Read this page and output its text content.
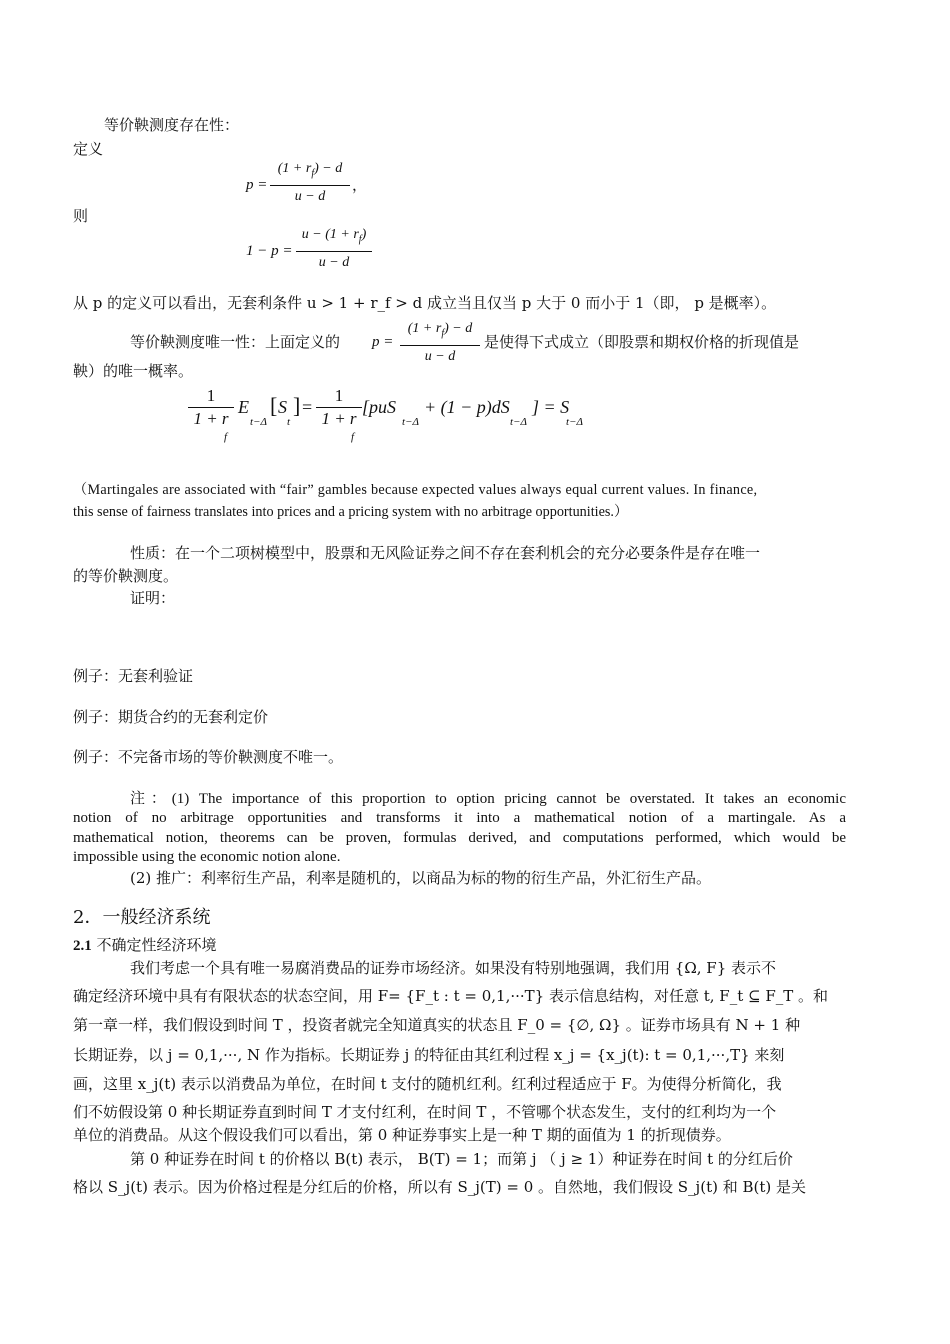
等价鞅测度存在性：
定义
p =
$(1 + r_f) - d$
u − d
，
则
1 − p =
$u - (1 + r_f)$
u − d
从 p 的定义可以看出，无套利条件 u > 1 + r_f > d 成立当且仅当 p 大于 0 而小于 1（即， p 是概率）。
等价鞅测度唯一性：上面定义的 p =
$(1 + r_f) - d$
u − d
是使得下式成立（即股票和期权价格的折现值是
鞅）的唯一概率。
1
1 + r
f
E
t−Δ
[ S
t
] =
1
1 + r
f
[puS
t−Δ
+ (1 − p)dS
t−Δ
] = S
t−Δ
（Martingales are associated with “fair” gambles because expected values always equal current values. In finance,
this sense of fairness translates into prices and a pricing system with no arbitrage opportunities.）
性质：在一个二项树模型中，股票和无风险证券之间不存在套利机会的充分必要条件是存在唯一
的等价鞅测度。
证明：
例子：无套利验证
例子：期货合约的无套利定价
例子：不完备市场的等价鞅测度不唯一。
注：(1) The importance of this proportion to option pricing cannot be overstated. It takes an economic
notion of no arbitrage opportunities and transforms it into a mathematical notion of a martingale. As a
mathematical notion, theorems can be proven, formulas derived, and computations performed, which would be
impossible using the economic notion alone.
(2) 推广：利率衍生产品，利率是随机的，以商品为标的物的衍生产品，外汇衍生产品。
2．一般经济系统
2.1 不确定性经济环境
我们考虑一个具有唯一易腐消费品的证券市场经济。如果没有特别地强调，我们用 {Ω, F} 表示不
确定经济环境中具有有限状态的状态空间，用 F= {F_t : t = 0,1,···T} 表示信息结构，对任意 t, F_t ⊆ F_T 。和
第一章一样，我们假设到时间 T ，投资者就完全知道真实的状态且 F_0 = {∅, Ω} 。证券市场具有 N + 1 种
长期证券，以 j = 0,1,···, N 作为指标。长期证券 j 的特征由其红利过程 x_j = {x_j(t): t = 0,1,···,T} 来刻
画，这里 x_j(t) 表示以消费品为单位，在时间 t 支付的随机红利。红利过程适应于 F。为使得分析简化，我
们不妨假设第 0 种长期证券直到时间 T 才支付红利，在时间 T ，不管哪个状态发生，支付的红利均为一个
单位的消费品。从这个假设我们可以看出，第 0 种证券事实上是一种 T 期的面值为 1 的折现债券。
第 0 种证券在时间 t 的价格以 B(t) 表示， B(T) = 1；而第 j （ j ≥ 1）种证券在时间 t 的分红后价
格以 S_j(t) 表示。因为价格过程是分红后的价格，所以有 S_j(T) = 0 。自然地，我们假设 S_j(t) 和 B(t) 是关
